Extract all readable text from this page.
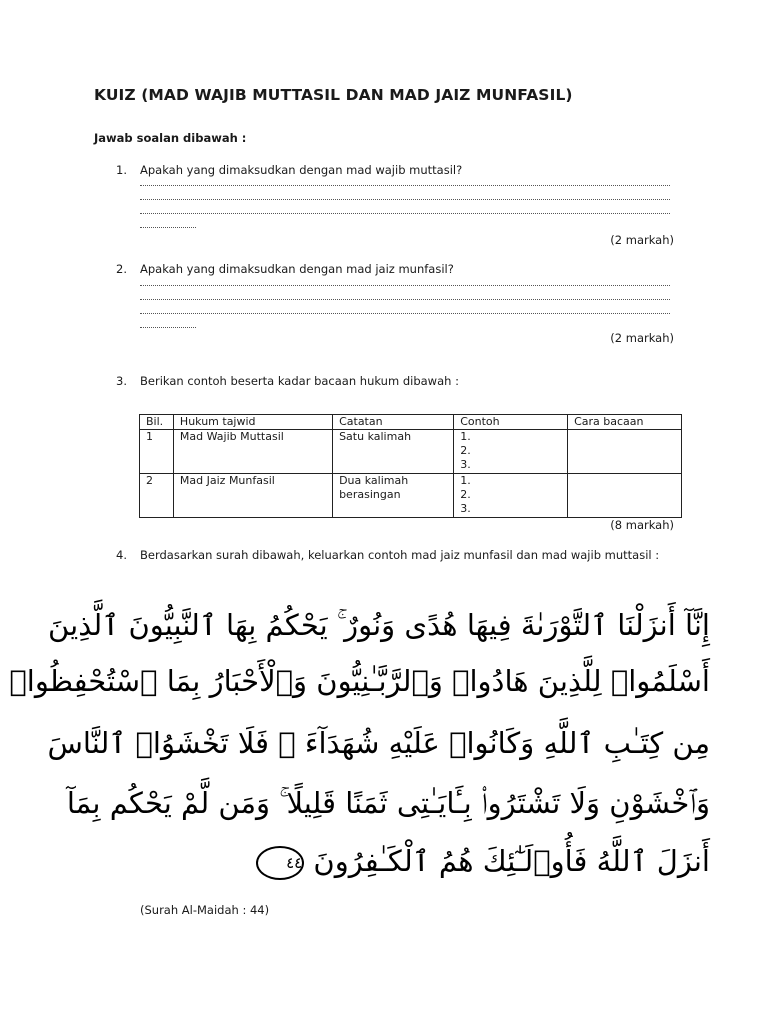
KUIZ (MAD WAJIB MUTTASIL DAN MAD JAIZ MUNFASIL)
Jawab soalan dibawah :
1. Apakah yang dimaksudkan dengan mad wajib muttasil?
(2 markah)
2. Apakah yang dimaksudkan dengan mad jaiz munfasil?
(2 markah)
3. Berikan contoh beserta kadar bacaan hukum dibawah :
Bil.	Hukum tajwid	Catatan	Contoh	Cara bacaan
1	Mad Wajib Muttasil	Satu kalimah	1.
2.
3.	

2	Mad Jaiz Munfasil	Dua kalimah berasingan	1.
2.
3.	

(8 markah)
4. Berdasarkan surah dibawah, keluarkan contoh mad jaiz munfasil dan mad wajib muttasil :
إِنَّآ أَنزَلْنَا ٱلتَّوْرَىٰةَ فِيهَا هُدًى وَنُورٌ ۚ يَحْكُمُ بِهَا ٱلنَّبِيُّونَ ٱلَّذِينَ
أَسْلَمُوا۟ لِلَّذِينَ هَادُوا۟ وَٱلرَّبَّـٰنِيُّونَ وَٱلْأَحْبَارُ بِمَا ٱسْتُحْفِظُوا۟
مِن كِتَـٰبِ ٱللَّهِ وَكَانُوا۟ عَلَيْهِ شُهَدَآءَ ۚ فَلَا تَخْشَوُا۟ ٱلنَّاسَ
وَٱخْشَوْنِ وَلَا تَشْتَرُوا۟ بِـَٔايَـٰتِى ثَمَنًا قَلِيلًا ۚ وَمَن لَّمْ يَحْكُم بِمَآ
أَنزَلَ ٱللَّهُ فَأُو۟لَـٰٓئِكَ هُمُ ٱلْكَـٰفِرُونَ ٤٤
(Surah Al-Maidah : 44)
